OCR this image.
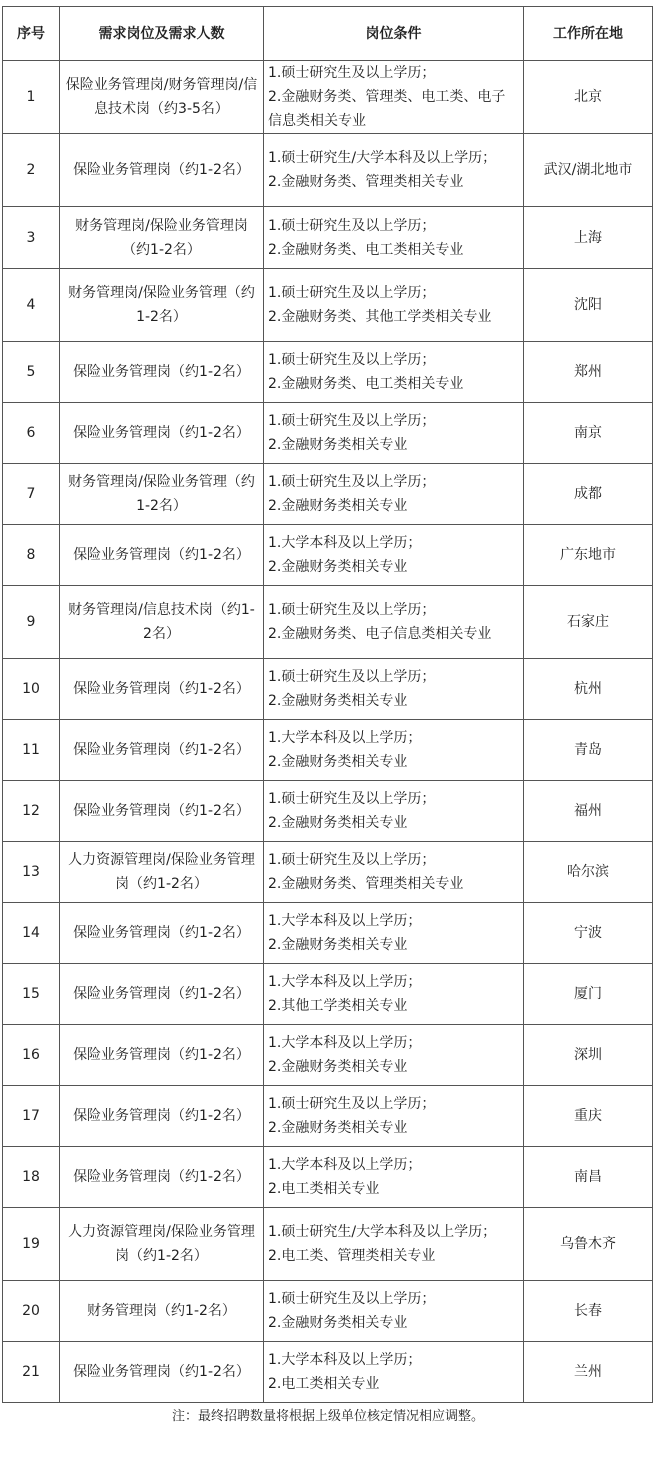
序号	需求岗位及需求人数	岗位条件	工作所在地
1	保险业务管理岗/财务管理岗/信息技术岗（约3-5名）	1.硕士研究生及以上学历；
2.金融财务类、管理类、电工类、电子信息类相关专业	北京
2	保险业务管理岗（约1-2名）	1.硕士研究生/大学本科及以上学历；
2.金融财务类、管理类相关专业	武汉/湖北地市
3	财务管理岗/保险业务管理岗（约1-2名）	1.硕士研究生及以上学历；
2.金融财务类、电工类相关专业	上海
4	财务管理岗/保险业务管理（约1-2名）	1.硕士研究生及以上学历；
2.金融财务类、其他工学类相关专业	沈阳
5	保险业务管理岗（约1-2名）	1.硕士研究生及以上学历；
2.金融财务类、电工类相关专业	郑州
6	保险业务管理岗（约1-2名）	1.硕士研究生及以上学历；
2.金融财务类相关专业	南京
7	财务管理岗/保险业务管理（约1-2名）	1.硕士研究生及以上学历；
2.金融财务类相关专业	成都
8	保险业务管理岗（约1-2名）	1.大学本科及以上学历；
2.金融财务类相关专业	广东地市
9	财务管理岗/信息技术岗（约1-2名）	1.硕士研究生及以上学历；
2.金融财务类、电子信息类相关专业	石家庄
10	保险业务管理岗（约1-2名）	1.硕士研究生及以上学历；
2.金融财务类相关专业	杭州
11	保险业务管理岗（约1-2名）	1.大学本科及以上学历；
2.金融财务类相关专业	青岛
12	保险业务管理岗（约1-2名）	1.硕士研究生及以上学历；
2.金融财务类相关专业	福州
13	人力资源管理岗/保险业务管理岗（约1-2名）	1.硕士研究生及以上学历；
2.金融财务类、管理类相关专业	哈尔滨
14	保险业务管理岗（约1-2名）	1.大学本科及以上学历；
2.金融财务类相关专业	宁波
15	保险业务管理岗（约1-2名）	1.大学本科及以上学历；
2.其他工学类相关专业	厦门
16	保险业务管理岗（约1-2名）	1.大学本科及以上学历；
2.金融财务类相关专业	深圳
17	保险业务管理岗（约1-2名）	1.硕士研究生及以上学历；
2.金融财务类相关专业	重庆
18	保险业务管理岗（约1-2名）	1.大学本科及以上学历；
2.电工类相关专业	南昌
19	人力资源管理岗/保险业务管理岗（约1-2名）	1.硕士研究生/大学本科及以上学历；
2.电工类、管理类相关专业	乌鲁木齐
20	财务管理岗（约1-2名）	1.硕士研究生及以上学历；
2.金融财务类相关专业	长春
21	保险业务管理岗（约1-2名）	1.大学本科及以上学历；
2.电工类相关专业	兰州
注：最终招聘数量将根据上级单位核定情况相应调整。
